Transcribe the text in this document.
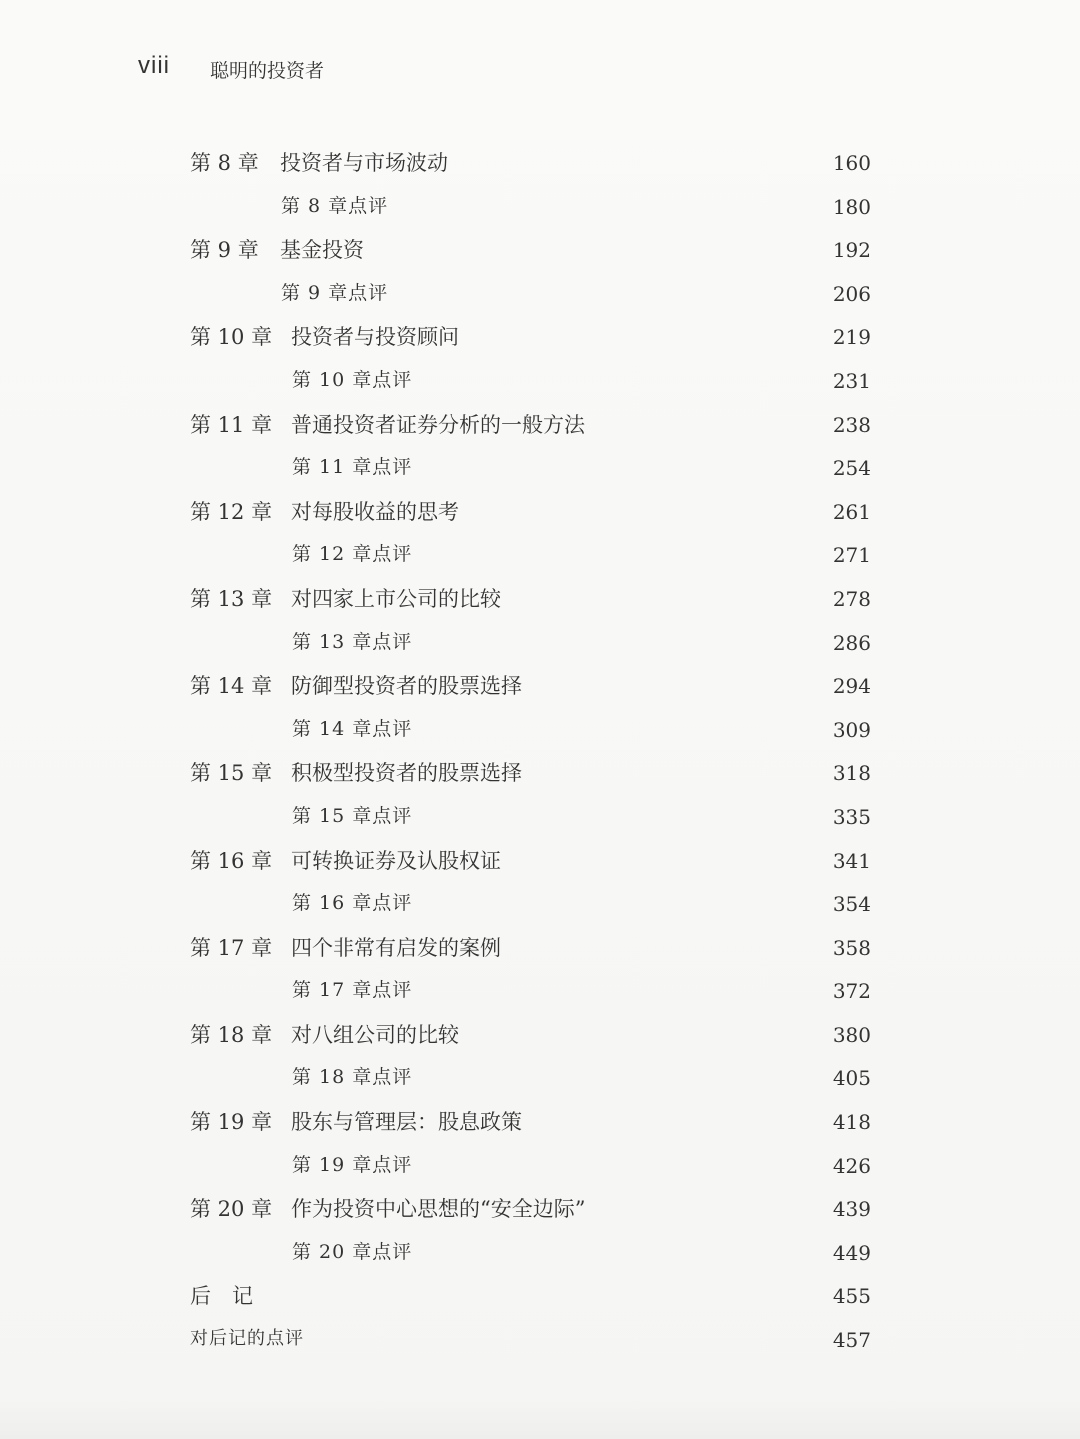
viii 聪明的投资者
第 8 章 投资者与市场波动	160
第 8 章点评	180
第 9 章 基金投资	192
第 9 章点评	206
第 10 章 投资者与投资顾问	219
第 10 章点评	231
第 11 章 普通投资者证券分析的一般方法	238
第 11 章点评	254
第 12 章 对每股收益的思考	261
第 12 章点评	271
第 13 章 对四家上市公司的比较	278
第 13 章点评	286
第 14 章 防御型投资者的股票选择	294
第 14 章点评	309
第 15 章 积极型投资者的股票选择	318
第 15 章点评	335
第 16 章 可转换证券及认股权证	341
第 16 章点评	354
第 17 章 四个非常有启发的案例	358
第 17 章点评	372
第 18 章 对八组公司的比较	380
第 18 章点评	405
第 19 章 股东与管理层：股息政策	418
第 19 章点评	426
第 20 章 作为投资中心思想的“安全边际”	439
第 20 章点评	449
后　记	455
对后记的点评	457
